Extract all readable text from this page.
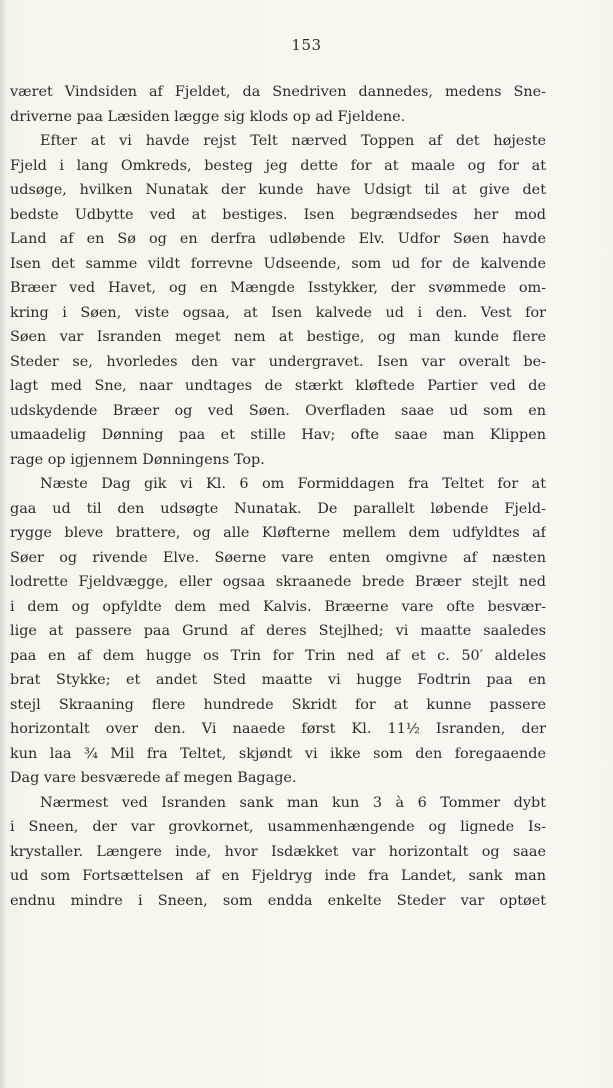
153
været Vindsiden af Fjeldet, da Snedriven dannedes, medens Sne-
driverne paa Læsiden lægge sig klods op ad Fjeldene.
Efter at vi havde rejst Telt nærved Toppen af det højeste
Fjeld i lang Omkreds, besteg jeg dette for at maale og for at
udsøge, hvilken Nunatak der kunde have Udsigt til at give det
bedste Udbytte ved at bestiges. Isen begrændsedes her mod
Land af en Sø og en derfra udløbende Elv. Udfor Søen havde
Isen det samme vildt forrevne Udseende, som ud for de kalvende
Bræer ved Havet, og en Mængde Isstykker, der svømmede om-
kring i Søen, viste ogsaa, at Isen kalvede ud i den. Vest for
Søen var Isranden meget nem at bestige, og man kunde flere
Steder se, hvorledes den var undergravet. Isen var overalt be-
lagt med Sne, naar undtages de stærkt kløftede Partier ved de
udskydende Bræer og ved Søen. Overfladen saae ud som en
umaadelig Dønning paa et stille Hav; ofte saae man Klippen
rage op igjennem Dønningens Top.
Næste Dag gik vi Kl. 6 om Formiddagen fra Teltet for at
gaa ud til den udsøgte Nunatak. De parallelt løbende Fjeld-
rygge bleve brattere, og alle Kløfterne mellem dem udfyldtes af
Søer og rivende Elve. Søerne vare enten omgivne af næsten
lodrette Fjeldvægge, eller ogsaa skraanede brede Bræer stejlt ned
i dem og opfyldte dem med Kalvis. Bræerne vare ofte besvær-
lige at passere paa Grund af deres Stejlhed; vi maatte saaledes
paa en af dem hugge os Trin for Trin ned af et c. 50′ aldeles
brat Stykke; et andet Sted maatte vi hugge Fodtrin paa en
stejl Skraaning flere hundrede Skridt for at kunne passere
horizontalt over den. Vi naaede først Kl. 11½ Isranden, der
kun laa ¾ Mil fra Teltet, skjøndt vi ikke som den foregaaende
Dag vare besværede af megen Bagage.
Nærmest ved Isranden sank man kun 3 à 6 Tommer dybt
i Sneen, der var grovkornet, usammenhængende og lignede Is-
krystaller. Længere inde, hvor Isdækket var horizontalt og saae
ud som Fortsættelsen af en Fjeldryg inde fra Landet, sank man
endnu mindre i Sneen, som endda enkelte Steder var optøet
